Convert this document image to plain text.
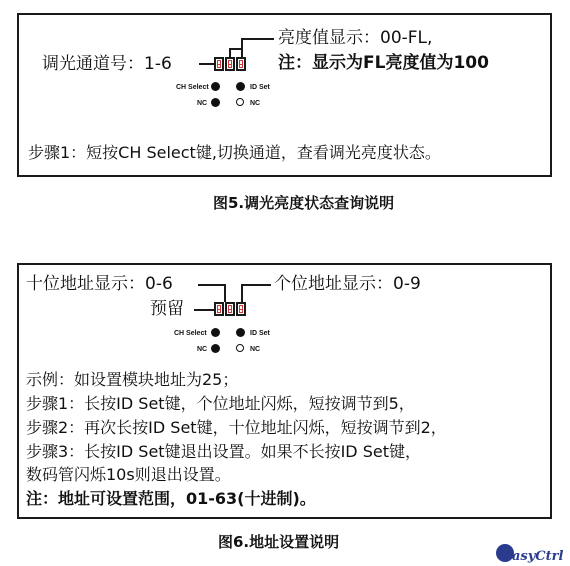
调光通道号：1-6
亮度值显示：00-FL,
注：显示为FL亮度值为100
CH Select	ID Set
NC	NC
步骤1：短按CH Select键,切换通道，查看调光亮度状态。
图5.调光亮度状态查询说明
十位地址显示：0-6	个位地址显示：0-9
预留
CH Select	ID Set
NC	NC
示例：如设置模块地址为25；
步骤1：长按ID Set键，个位地址闪烁，短按调节到5，
步骤2：再次长按ID Set键，十位地址闪烁，短按调节到2，
步骤3：长按ID Set键退出设置。如果不长按ID Set键，
数码管闪烁10s则退出设置。
注：地址可设置范围，01-63(十进制)。
图6.地址设置说明
asyCtrl
